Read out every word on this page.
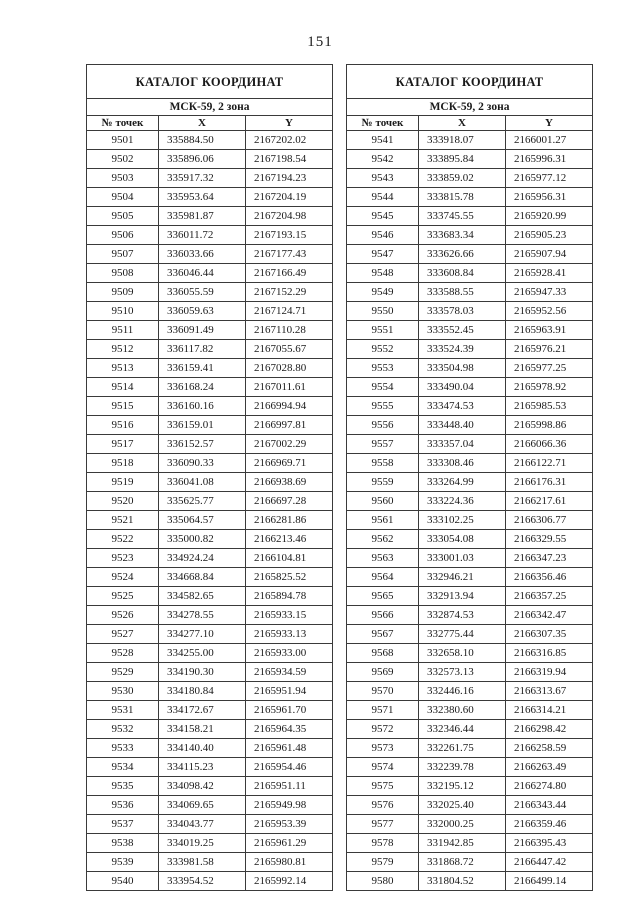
151
КАТАЛОГ КООРДИНАТ		
МСК-59, 2 зона		
№ точек	X	Y
9501	335884.50	2167202.02
9502	335896.06	2167198.54
9503	335917.32	2167194.23
9504	335953.64	2167204.19
9505	335981.87	2167204.98
9506	336011.72	2167193.15
9507	336033.66	2167177.43
9508	336046.44	2167166.49
9509	336055.59	2167152.29
9510	336059.63	2167124.71
9511	336091.49	2167110.28
9512	336117.82	2167055.67
9513	336159.41	2167028.80
9514	336168.24	2167011.61
9515	336160.16	2166994.94
9516	336159.01	2166997.81
9517	336152.57	2167002.29
9518	336090.33	2166969.71
9519	336041.08	2166938.69
9520	335625.77	2166697.28
9521	335064.57	2166281.86
9522	335000.82	2166213.46
9523	334924.24	2166104.81
9524	334668.84	2165825.52
9525	334582.65	2165894.78
9526	334278.55	2165933.15
9527	334277.10	2165933.13
9528	334255.00	2165933.00
9529	334190.30	2165934.59
9530	334180.84	2165951.94
9531	334172.67	2165961.70
9532	334158.21	2165964.35
9533	334140.40	2165961.48
9534	334115.23	2165954.46
9535	334098.42	2165951.11
9536	334069.65	2165949.98
9537	334043.77	2165953.39
9538	334019.25	2165961.29
9539	333981.58	2165980.81
9540	333954.52	2165992.14
КАТАЛОГ КООРДИНАТ		
МСК-59, 2 зона		
№ точек	X	Y
9541	333918.07	2166001.27
9542	333895.84	2165996.31
9543	333859.02	2165977.12
9544	333815.78	2165956.31
9545	333745.55	2165920.99
9546	333683.34	2165905.23
9547	333626.66	2165907.94
9548	333608.84	2165928.41
9549	333588.55	2165947.33
9550	333578.03	2165952.56
9551	333552.45	2165963.91
9552	333524.39	2165976.21
9553	333504.98	2165977.25
9554	333490.04	2165978.92
9555	333474.53	2165985.53
9556	333448.40	2165998.86
9557	333357.04	2166066.36
9558	333308.46	2166122.71
9559	333264.99	2166176.31
9560	333224.36	2166217.61
9561	333102.25	2166306.77
9562	333054.08	2166329.55
9563	333001.03	2166347.23
9564	332946.21	2166356.46
9565	332913.94	2166357.25
9566	332874.53	2166342.47
9567	332775.44	2166307.35
9568	332658.10	2166316.85
9569	332573.13	2166319.94
9570	332446.16	2166313.67
9571	332380.60	2166314.21
9572	332346.44	2166298.42
9573	332261.75	2166258.59
9574	332239.78	2166263.49
9575	332195.12	2166274.80
9576	332025.40	2166343.44
9577	332000.25	2166359.46
9578	331942.85	2166395.43
9579	331868.72	2166447.42
9580	331804.52	2166499.14
